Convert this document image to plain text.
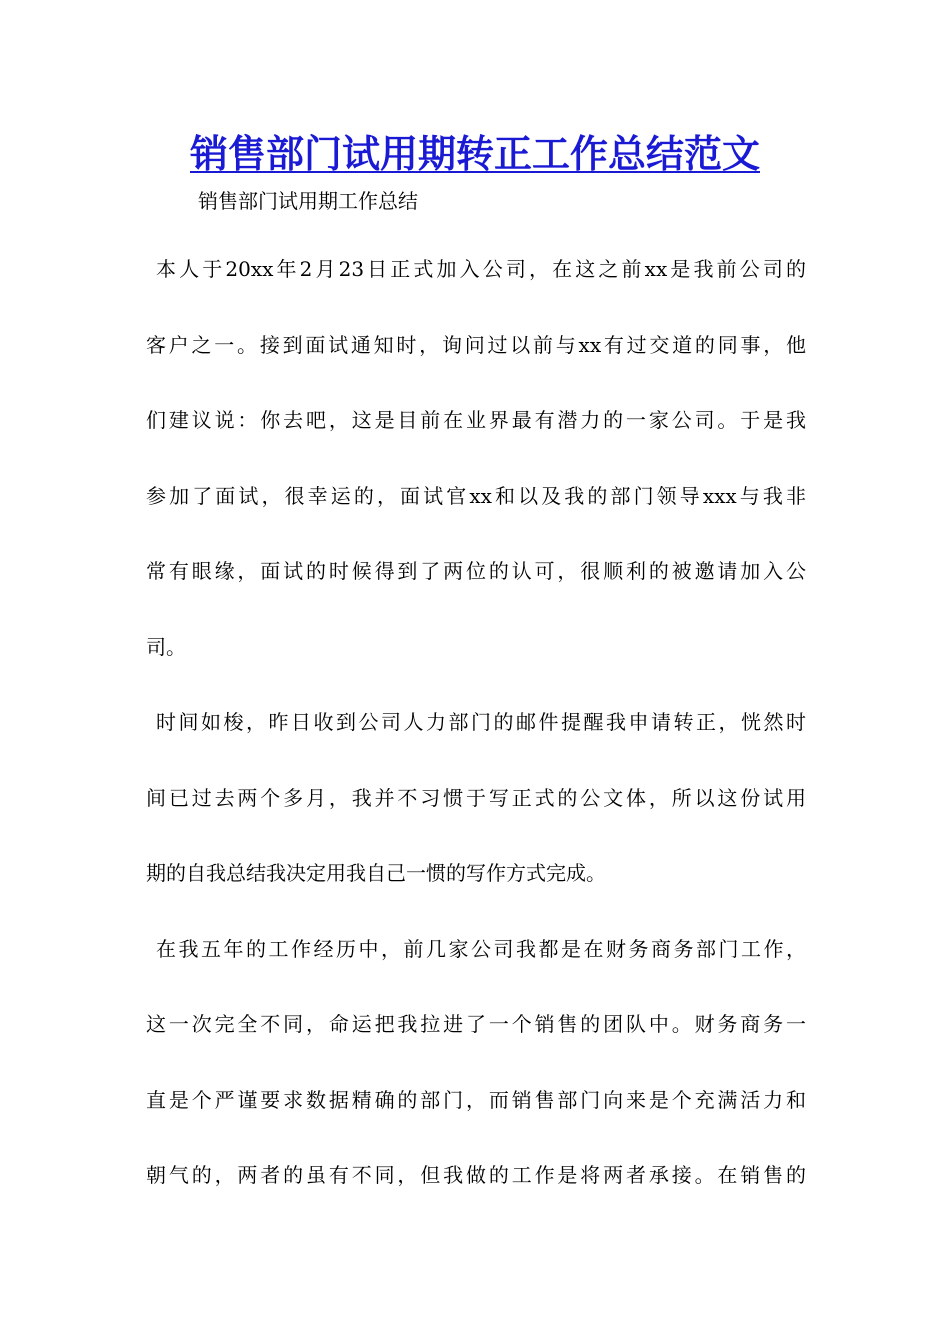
销售部门试用期转正工作总结范文

销售部门试用期工作总结

本人于20xx年2月23日正式加入公司，在这之前xx是我前公司的
客户之一。接到面试通知时，询问过以前与xx有过交道的同事，他
们建议说：你去吧，这是目前在业界最有潜力的一家公司。于是我
参加了面试，很幸运的，面试官xx和以及我的部门领导xxx与我非
常有眼缘，面试的时候得到了两位的认可，很顺利的被邀请加入公
司。
时间如梭，昨日收到公司人力部门的邮件提醒我申请转正，恍然时
间已过去两个多月，我并不习惯于写正式的公文体，所以这份试用
期的自我总结我决定用我自己一惯的写作方式完成。
在我五年的工作经历中，前几家公司我都是在财务商务部门工作，
这一次完全不同，命运把我拉进了一个销售的团队中。财务商务一
直是个严谨要求数据精确的部门，而销售部门向来是个充满活力和
朝气的，两者的虽有不同，但我做的工作是将两者承接。在销售的
